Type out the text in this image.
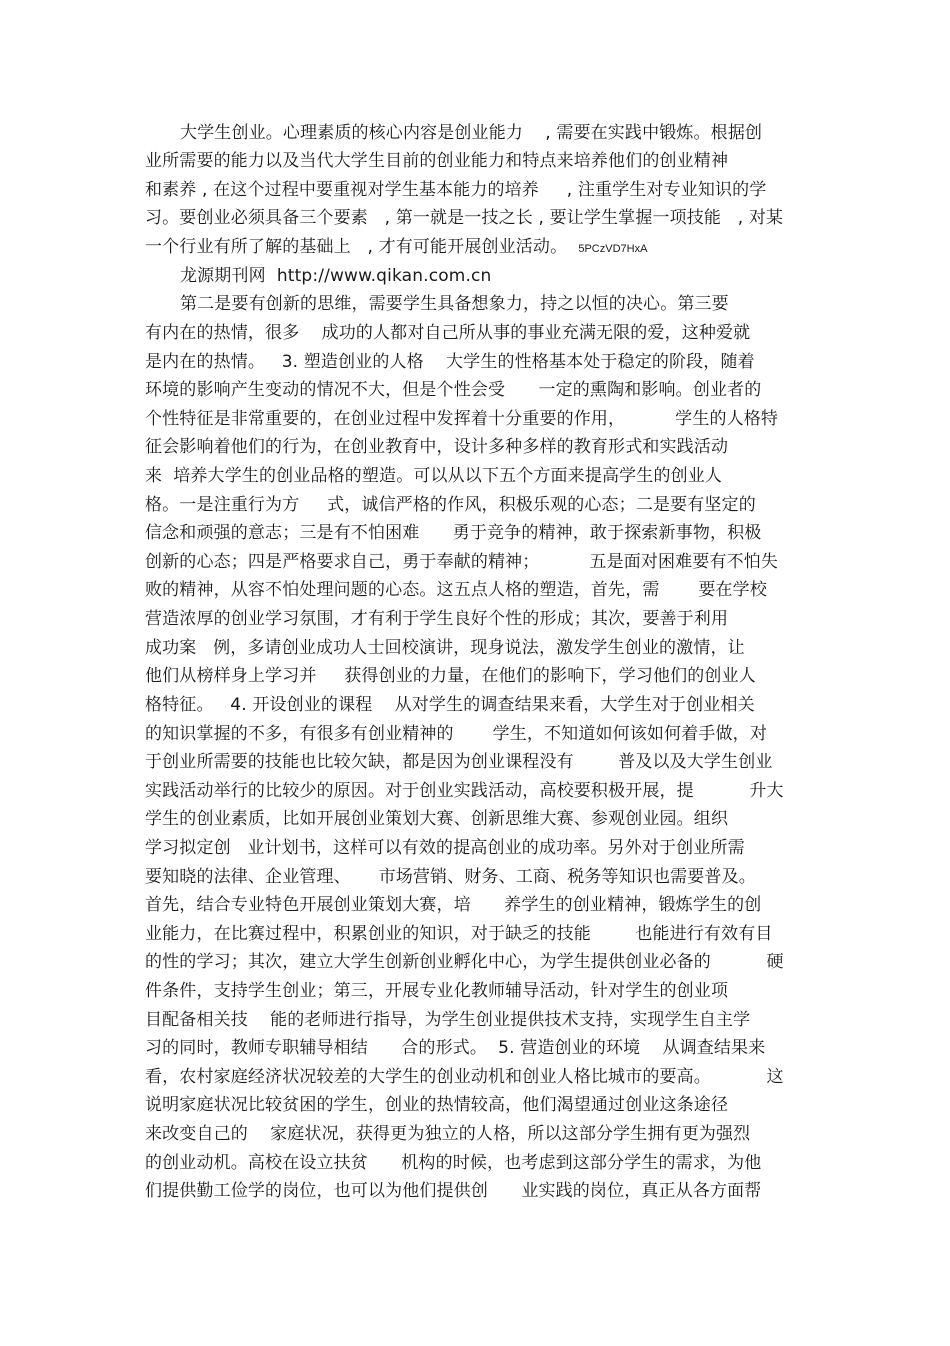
大学生创业。心理素质的核心内容是创业能力    , 需要在实践中锻炼。根据创
业所需要的能力以及当代大学生目前的创业能力和特点来培养他们的创业精神
和素养 , 在这个过程中要重视对学生基本能力的培养     , 注重学生对专业知识的学
习。要创业必须具备三个要素   , 第一就是一技之长 , 要让学生掌握一项技能   , 对某
一个行业有所了解的基础上   , 才有可能开展创业活动。  5PCzVD7HxA
龙源期刊网  http://www.qikan.com.cn
第二是要有创新的思维，需要学生具备想象力，持之以恒的决心。第三要
有内在的热情，很多    成功的人都对自己所从事的事业充满无限的爱，这种爱就
是内在的热情。   3. 塑造创业的人格    大学生的性格基本处于稳定的阶段，随着
环境的影响产生变动的情况不大，但是个性会受      一定的熏陶和影响。创业者的
个性特征是非常重要的，在创业过程中发挥着十分重要的作用，         学生的人格特
征会影响着他们的行为，在创业教育中，设计多种多样的教育形式和实践活动
来  培养大学生的创业品格的塑造。可以从以下五个方面来提高学生的创业人
格。一是注重行为方     式，诚信严格的作风，积极乐观的心态；二是要有坚定的
信念和顽强的意志；三是有不怕困难      勇于竞争的精神，敢于探索新事物，积极
创新的心态；四是严格要求自己，勇于奉献的精神；         五是面对困难要有不怕失
败的精神，从容不怕处理问题的心态。这五点人格的塑造，首先，需       要在学校
营造浓厚的创业学习氛围，才有利于学生良好个性的形成；其次，要善于利用
成功案   例，多请创业成功人士回校演讲，现身说法，激发学生创业的激情，让
他们从榜样身上学习并     获得创业的力量，在他们的影响下，学习他们的创业人
格特征。   4. 开设创业的课程    从对学生的调查结果来看，大学生对于创业相关
的知识掌握的不多，有很多有创业精神的       学生，不知道如何该如何着手做，对
于创业所需要的技能也比较欠缺，都是因为创业课程没有        普及以及大学生创业
实践活动举行的比较少的原因。对于创业实践活动，高校要积极开展，提          升大
学生的创业素质，比如开展创业策划大赛、创新思维大赛、参观创业园。组织
学习拟定创   业计划书，这样可以有效的提高创业的成功率。另外对于创业所需
要知晓的法律、企业管理、     市场营销、财务、工商、税务等知识也需要普及。
首先，结合专业特色开展创业策划大赛，培      养学生的创业精神，锻炼学生的创
业能力，在比赛过程中，积累创业的知识，对于缺乏的技能        也能进行有效有目
的性的学习；其次，建立大学生创新创业孵化中心，为学生提供创业必备的          硬
件条件，支持学生创业；第三，开展专业化教师辅导活动，针对学生的创业项
目配备相关技    能的老师进行指导，为学生创业提供技术支持，实现学生自主学
习的同时，教师专职辅导相结      合的形式。  5. 营造创业的环境    从调查结果来
看，农村家庭经济状况较差的大学生的创业动机和创业人格比城市的要高。          这
说明家庭状况比较贫困的学生，创业的热情较高，他们渴望通过创业这条途径
来改变自己的    家庭状况，获得更为独立的人格，所以这部分学生拥有更为强烈
的创业动机。高校在设立扶贫      机构的时候，也考虑到这部分学生的需求，为他
们提供勤工俭学的岗位，也可以为他们提供创      业实践的岗位，真正从各方面帮
